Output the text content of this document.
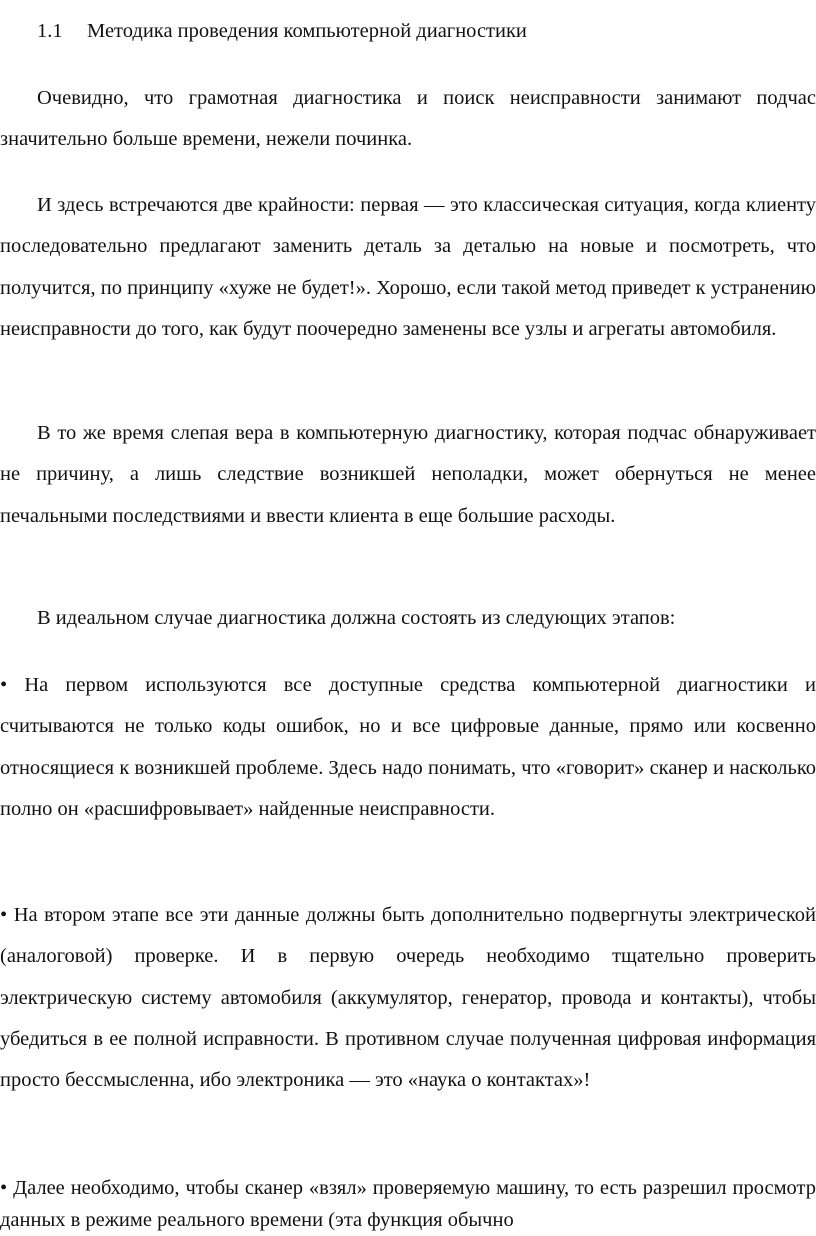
1.1 Методика проведения компьютерной диагностики

Очевидно, что грамотная диагностика и поиск неисправности занимают подчас значительно больше времени, нежели починка.

И здесь встречаются две крайности: первая — это классическая ситуация, когда клиенту последовательно предлагают заменить деталь за деталью на новые и посмотреть, что получится, по принципу «хуже не будет!». Хорошо, если такой метод приведет к устранению неисправности до того, как будут поочередно заменены все узлы и агрегаты автомобиля.

В то же время слепая вера в компьютерную диагностику, которая подчас обнаруживает не причину, а лишь следствие возникшей неполадки, может обернуться не менее печальными последствиями и ввести клиента в еще большие расходы.

В идеальном случае диагностика должна состоять из следующих этапов:

• На первом используются все доступные средства компьютерной диагностики и считываются не только коды ошибок, но и все цифровые данные, прямо или косвенно относящиеся к возникшей проблеме. Здесь надо понимать, что «говорит» сканер и насколько полно он «расшифровывает» найденные неисправности.

• На втором этапе все эти данные должны быть дополнительно подвергнуты электрической (аналоговой) проверке. И в первую очередь необходимо тщательно проверить электрическую систему автомобиля (аккумулятор, генератор, провода и контакты), чтобы убедиться в ее полной исправности. В противном случае полученная цифровая информация просто бессмысленна, ибо электроника — это «наука о контактах»!

• Далее необходимо, чтобы сканер «взял» проверяемую машину, то есть разрешил просмотр данных в режиме реального времени (эта функция обычно
